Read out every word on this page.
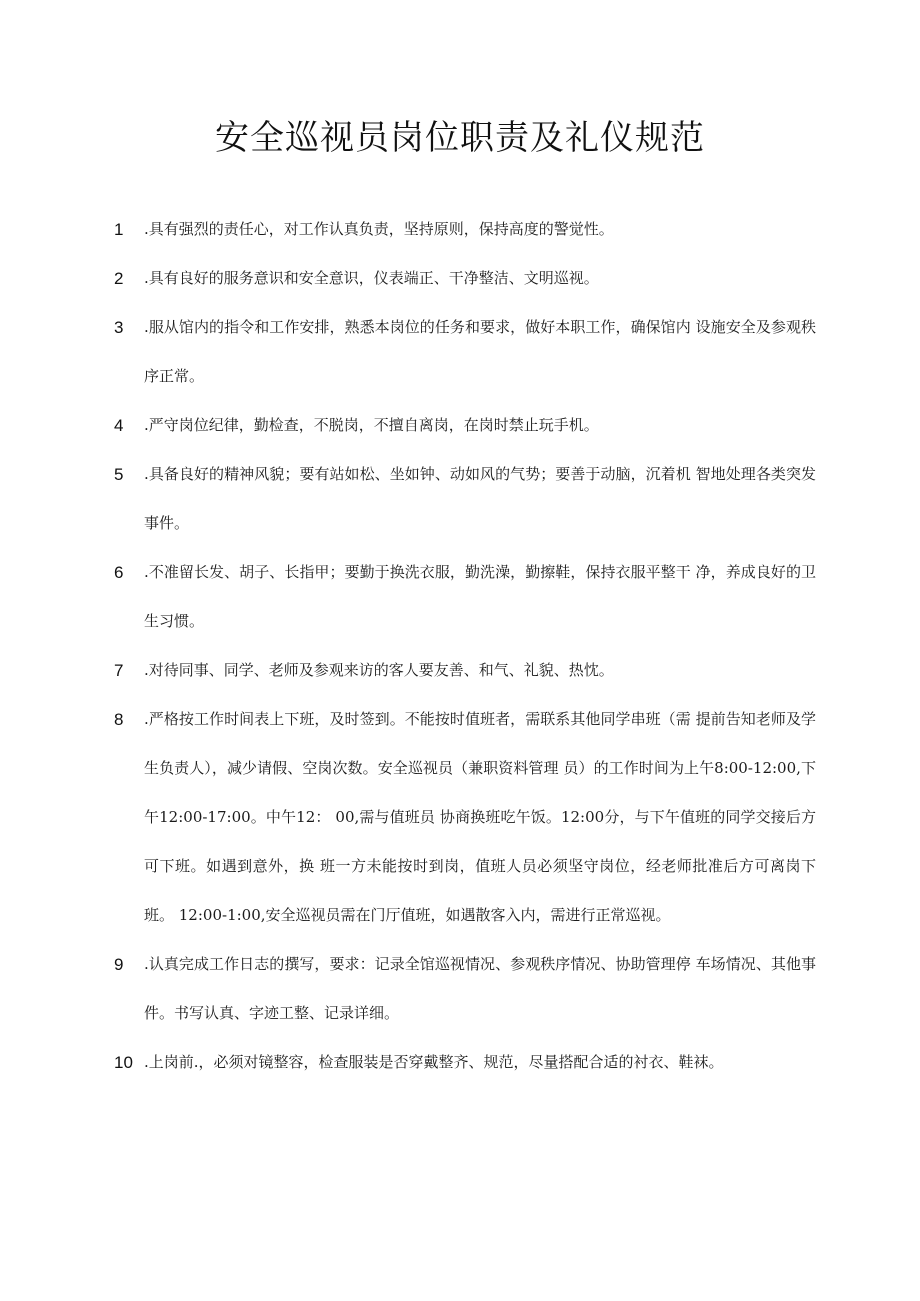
安全巡视员岗位职责及礼仪规范
1 .具有强烈的责任心，对工作认真负责，坚持原则，保持高度的警觉性。
2 .具有良好的服务意识和安全意识，仪表端正、干净整洁、文明巡视。
3 .服从馆内的指令和工作安排，熟悉本岗位的任务和要求，做好本职工作，确保馆内 设施安全及参观秩序正常。
4 .严守岗位纪律，勤检查，不脱岗，不擅自离岗，在岗时禁止玩手机。
5 .具备良好的精神风貌；要有站如松、坐如钟、动如风的气势；要善于动脑，沉着机 智地处理各类突发事件。
6 .不准留长发、胡子、长指甲；要勤于换洗衣服，勤洗澡，勤擦鞋，保持衣服平整干 净，养成良好的卫生习惯。
7 .对待同事、同学、老师及参观来访的客人要友善、和气、礼貌、热忱。
8 .严格按工作时间表上下班，及时签到。不能按时值班者，需联系其他同学串班（需 提前告知老师及学生负责人），减少请假、空岗次数。安全巡视员（兼职资料管理 员）的工作时间为上午8:00-12:00,下午12:00-17:00。中午12： 00,需与值班员 协商换班吃午饭。12:00分，与下午值班的同学交接后方可下班。如遇到意外，换 班一方未能按时到岗，值班人员必须坚守岗位，经老师批准后方可离岗下班。 12:00-1:00,安全巡视员需在门厅值班，如遇散客入内，需进行正常巡视。
9 .认真完成工作日志的撰写，要求：记录全馆巡视情况、参观秩序情况、协助管理停 车场情况、其他事件。书写认真、字迹工整、记录详细。
10 .上岗前.，必须对镜整容，检查服装是否穿戴整齐、规范，尽量搭配合适的衬衣、鞋袜。
